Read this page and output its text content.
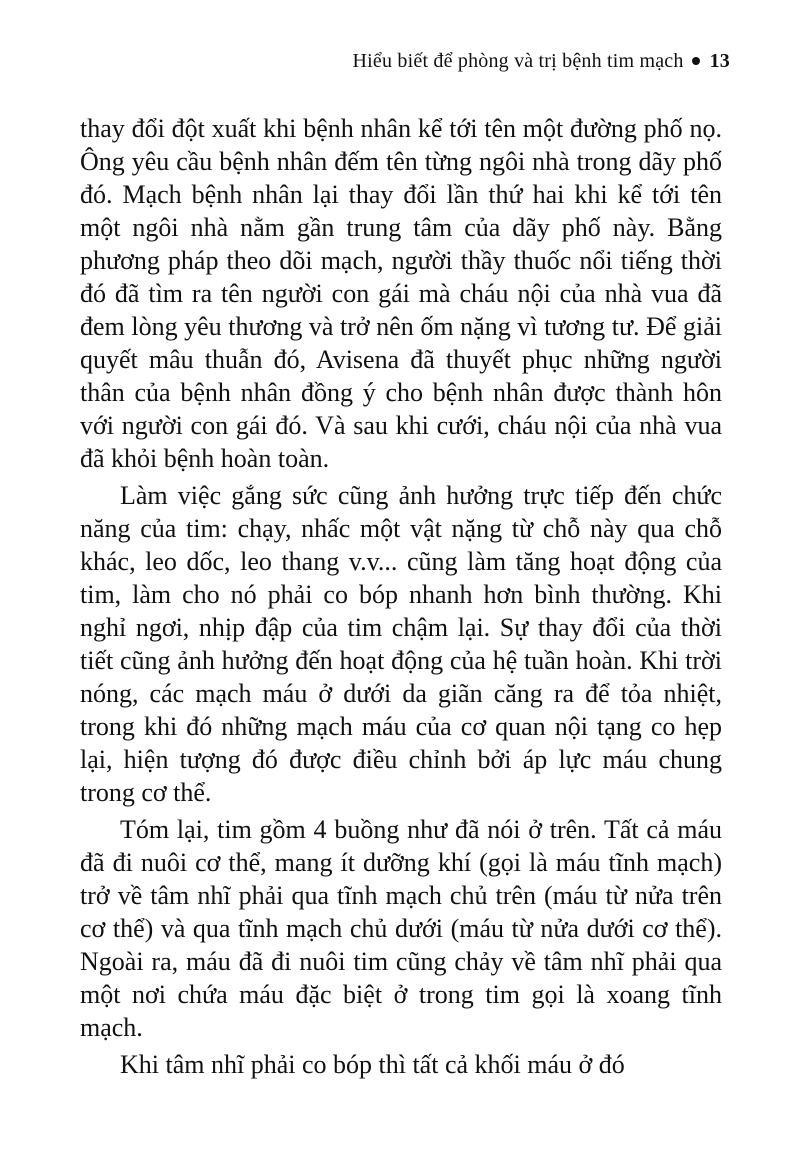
Hiểu biết để phòng và trị bệnh tim mạch 13

thay đổi đột xuất khi bệnh nhân kể tới tên một đường phố nọ. Ông yêu cầu bệnh nhân đếm tên từng ngôi nhà trong dãy phố đó. Mạch bệnh nhân lại thay đổi lần thứ hai khi kể tới tên một ngôi nhà nằm gần trung tâm của dãy phố này. Bằng phương pháp theo dõi mạch, người thầy thuốc nổi tiếng thời đó đã tìm ra tên người con gái mà cháu nội của nhà vua đã đem lòng yêu thương và trở nên ốm nặng vì tương tư. Để giải quyết mâu thuẫn đó, Avisena đã thuyết phục những người thân của bệnh nhân đồng ý cho bệnh nhân được thành hôn với người con gái đó. Và sau khi cưới, cháu nội của nhà vua đã khỏi bệnh hoàn toàn.

Làm việc gắng sức cũng ảnh hưởng trực tiếp đến chức năng của tim: chạy, nhấc một vật nặng từ chỗ này qua chỗ khác, leo dốc, leo thang v.v... cũng làm tăng hoạt động của tim, làm cho nó phải co bóp nhanh hơn bình thường. Khi nghỉ ngơi, nhịp đập của tim chậm lại. Sự thay đổi của thời tiết cũng ảnh hưởng đến hoạt động của hệ tuần hoàn. Khi trời nóng, các mạch máu ở dưới da giãn căng ra để tỏa nhiệt, trong khi đó những mạch máu của cơ quan nội tạng co hẹp lại, hiện tượng đó được điều chỉnh bởi áp lực máu chung trong cơ thể.

Tóm lại, tim gồm 4 buồng như đã nói ở trên. Tất cả máu đã đi nuôi cơ thể, mang ít dưỡng khí (gọi là máu tĩnh mạch) trở về tâm nhĩ phải qua tĩnh mạch chủ trên (máu từ nửa trên cơ thể) và qua tĩnh mạch chủ dưới (máu từ nửa dưới cơ thể). Ngoài ra, máu đã đi nuôi tim cũng chảy về tâm nhĩ phải qua một nơi chứa máu đặc biệt ở trong tim gọi là xoang tĩnh mạch.

Khi tâm nhĩ phải co bóp thì tất cả khối máu ở đó
